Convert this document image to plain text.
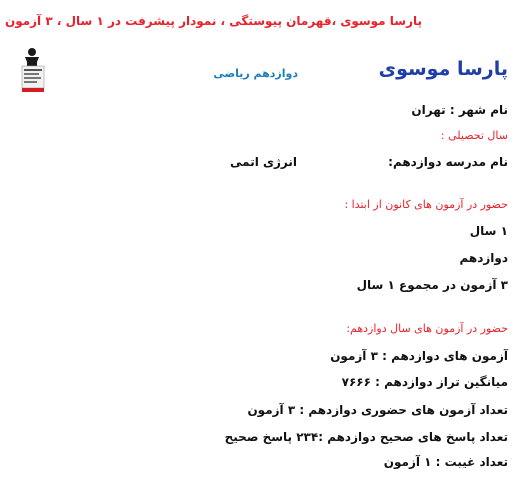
پارسا موسوی ،قهرمان پیوستگی ، نمودار پیشرفت در ۱ سال ، ۳ آزمون
پارسا موسوی
دوازدهم ریاضی
نام شهر : تهران
سال تحصیلی :
نام مدرسه دوازدهم:
انرژی اتمی
حضور در آزمون های کانون از ابتدا :
۱ سال
دوازدهم
۳ آزمون در مجموع ۱ سال
حضور در آزمون های سال دوازدهم:
آزمون های دوازدهم : ۳ آزمون
میانگین تراز دوازدهم : ۷۶۶۶
تعداد آزمون های حضوری دوازدهم : ۳ آزمون
تعداد پاسخ های صحیح دوازدهم :۲۳۴ پاسخ صحیح
تعداد غیبت : ۱ آزمون
